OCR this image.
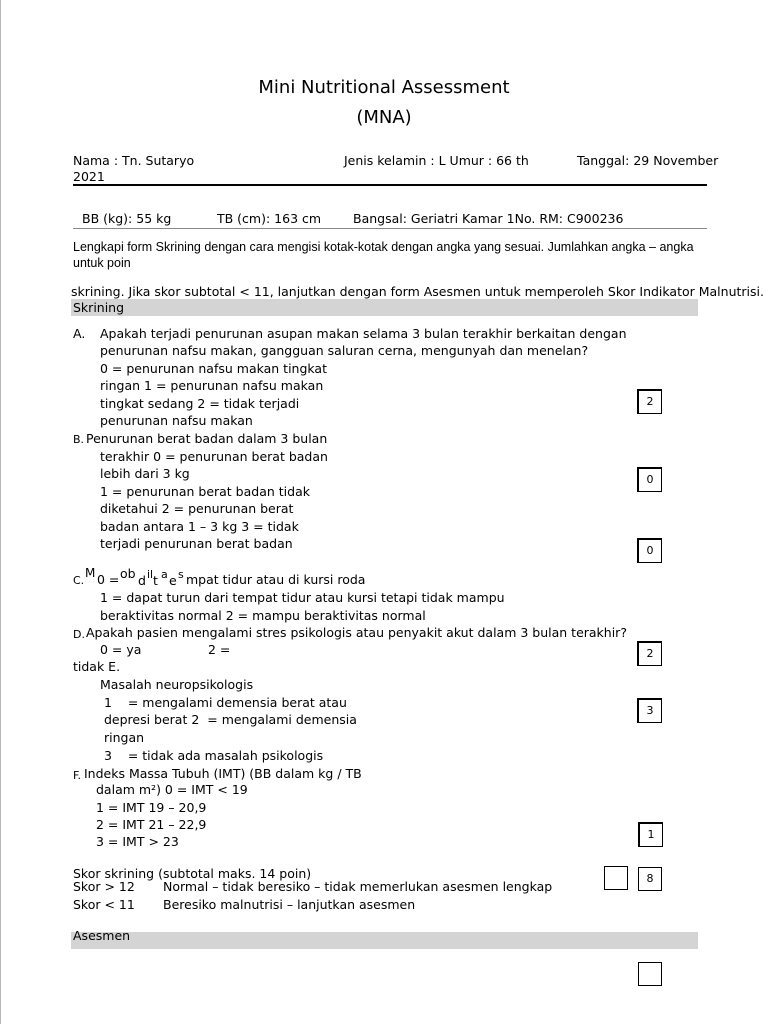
Mini Nutritional Assessment
(MNA)
Nama : Tn. Sutaryo	Jenis kelamin : L Umur : 66 th	Tanggal: 29 November
2021
BB (kg): 55 kg	TB (cm): 163 cm	Bangsal: Geriatri Kamar 1No. RM: C900236
Lengkapi form Skrining dengan cara mengisi kotak-kotak dengan angka yang sesuai. Jumlahkan angka – angka
untuk poin
skrining. Jika skor subtotal < 11, lanjutkan dengan form Asesmen untuk memperoleh Skor Indikator Malnutrisi.
Skrining
A. Apakah terjadi penurunan asupan makan selama 3 bulan terakhir berkaitan dengan
penurunan nafsu makan, gangguan saluran cerna, mengunyah dan menelan?
0 = penurunan nafsu makan tingkat
ringan 1 = penurunan nafsu makan
tingkat sedang 2 = tidak terjadi
penurunan nafsu makan
2
B. Penurunan berat badan dalam 3 bulan
terakhir 0 = penurunan berat badan
lebih dari 3 kg
1 = penurunan berat badan tidak
diketahui 2 = penurunan berat
badan antara 1 – 3 kg 3 = tidak
terjadi penurunan berat badan
0
0
C.
M 0 = ob d il t a e s mpat tidur atau di kursi roda
1 = dapat turun dari tempat tidur atau kursi tetapi tidak mampu
beraktivitas normal 2 = mampu beraktivitas normal
D. Apakah pasien mengalami stres psikologis atau penyakit akut dalam 3 bulan terakhir?
0 = ya	2 =
tidak E.
2
Masalah neuropsikologis
1    = mengalami demensia berat atau
depresi berat 2  = mengalami demensia
ringan
3    = tidak ada masalah psikologis
3
F. Indeks Massa Tubuh (IMT) (BB dalam kg / TB
dalam m²) 0 = IMT < 19
1 = IMT 19 – 20,9
2 = IMT 21 – 22,9
3 = IMT > 23	1
Skor skrining (subtotal maks. 14 poin)	8
Skor > 12 Normal – tidak beresiko – tidak memerlukan asesmen lengkap
Skor < 11 Beresiko malnutrisi – lanjutkan asesmen
Asesmen
